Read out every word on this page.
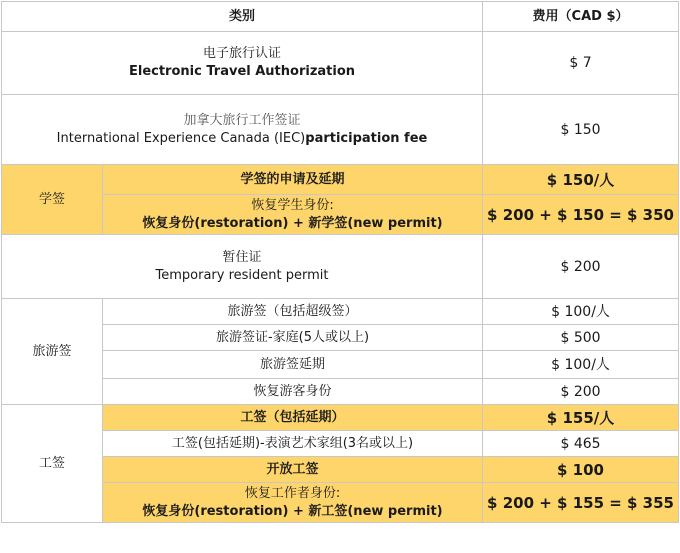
类别		费用（CAD $）

电子旅行认证
Electronic Travel Authorization		$ 7

加拿大旅行工作签证
International Experience Canada (IEC)participation fee		$ 150
学签	学签的申请及延期	$ 150/人

	恢复学生身份:
恢复身份(restoration) + 新学签(new permit)	$ 200 + $ 150 = $ 350

暂住证
Temporary resident permit		$ 200
旅游签	旅游签（包括超级签）	$ 100/人
	旅游签证-家庭(5人或以上)	$ 500
	旅游签延期	$ 100/人
	恢复游客身份	$ 200
工签	工签（包括延期）	$ 155/人
	工签(包括延期)-表演艺术家组(3名或以上)	$ 465
	开放工签	$ 100

	恢复工作者身份:
恢复身份(restoration) + 新工签(new permit)	$ 200 + $ 155 = $ 355
